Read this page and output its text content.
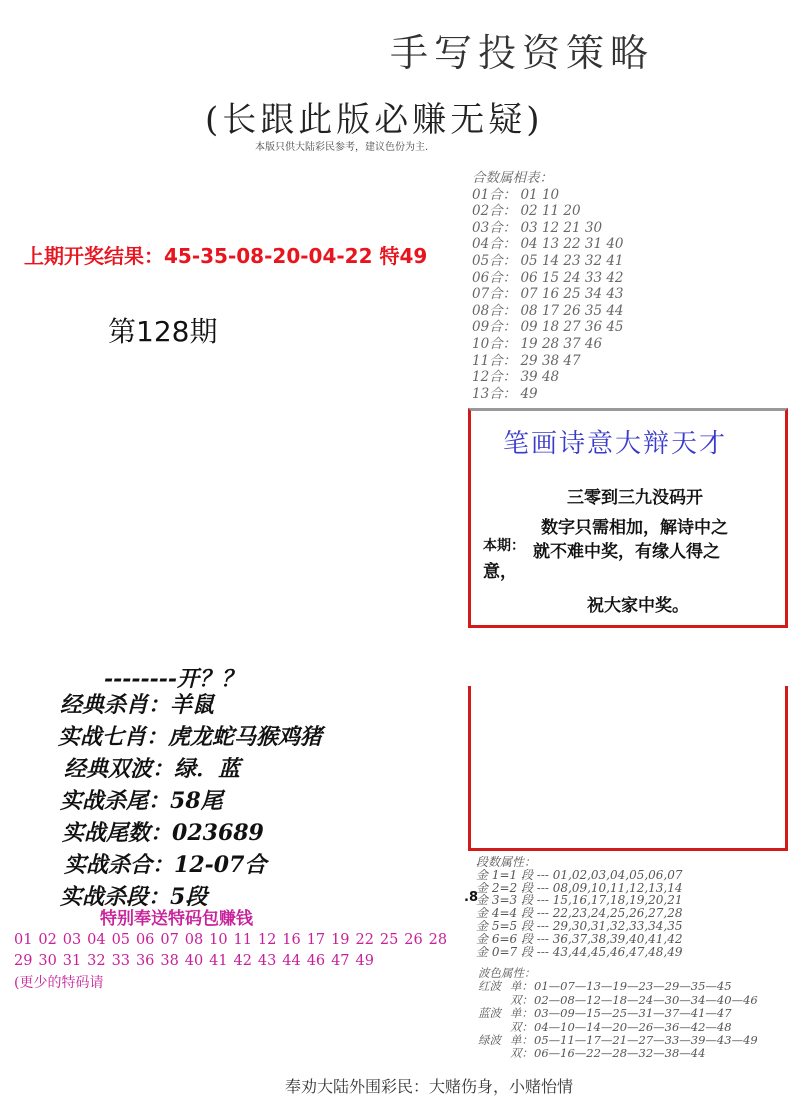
手写投资策略
(长跟此版必赚无疑)
本版只供大陆彩民参考，建议色份为主.
上期开奖结果：45-35-08-20-04-22 特49
第128期
合数属相表：
01合： 01 10
02合： 02 11 20
03合： 03 12 21 30
04合： 04 13 22 31 40
05合： 05 14 23 32 41
06合： 06 15 24 33 42
07合： 07 16 25 34 43
08合： 08 17 26 35 44
09合： 09 18 27 36 45
10合： 19 28 37 46
11合： 29 38 47
12合： 39 48
13合： 49
笔画诗意大辩天才
三零到三九没码开
数字只需相加，解诗中之
本期： 就不难中奖，有缘人得之
意，
祝大家中奖。
--------开？？
经典杀肖：羊鼠
实战七肖：虎龙蛇马猴鸡猪
经典双波：绿．蓝
实战杀尾：58尾
实战尾数：023689
实战杀合：12-07合
实战杀段：5段
特别奉送特码包赚钱
01 02 03 04 05 06 07 08 10 11 12 16 17 19 22 25 26 2829 30 31 32 33 36 38 40 41 42 43 44 46 47 49
(更少的特码请
.8
段数属性：
金 1=1 段 --- 01,02,03,04,05,06,07
金 2=2 段 --- 08,09,10,11,12,13,14
金 3=3 段 --- 15,16,17,18,19,20,21
金 4=4 段 --- 22,23,24,25,26,27,28
金 5=5 段 --- 29,30,31,32,33,34,35
金 6=6 段 --- 36,37,38,39,40,41,42
金 0=7 段 --- 43,44,45,46,47,48,49
波色属性：
红波 单：01—07—13—19—23—29—35—45
双：02—08—12—18—24—30—34—40—46
蓝波 单：03—09—15—25—31—37—41—47
双：04—10—14—20—26—36—42—48
绿波 单：05—11—17—21—27—33—39—43—49
双：06—16—22—28—32—38—44
奉劝大陆外围彩民：大赌伤身，小赌怡情
